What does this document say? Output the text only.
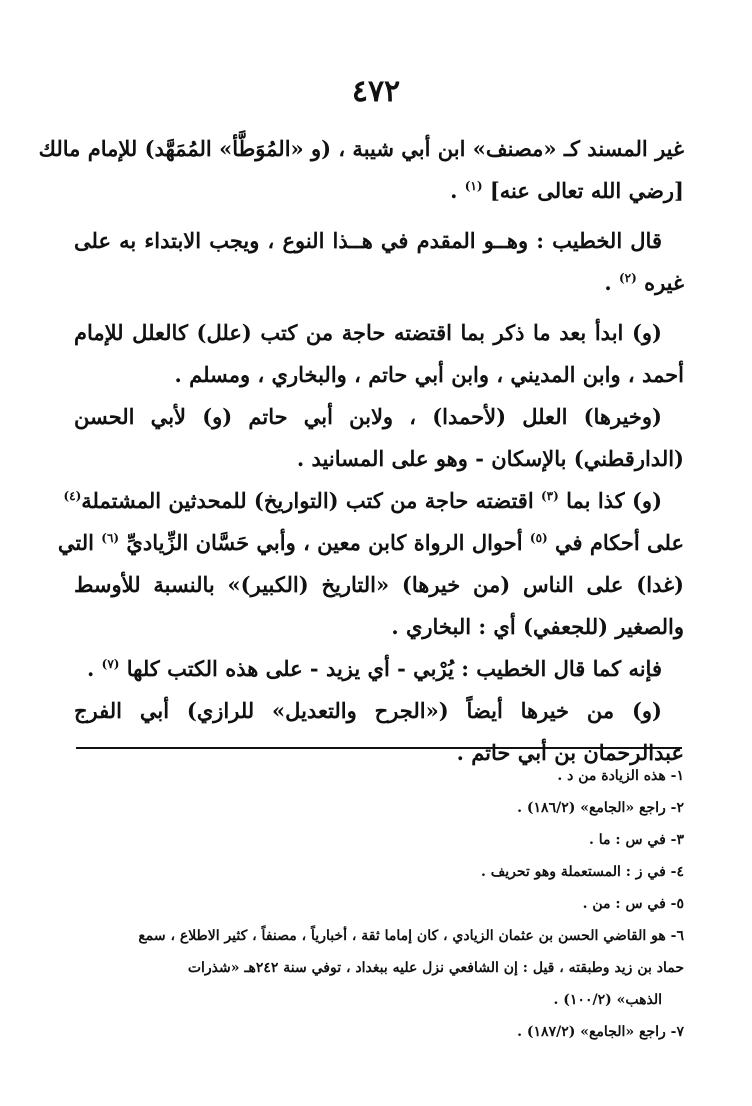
٤٧٢
غير المسند كـ «مصنف» ابن أبي شيبة ، (و «المُوَطَّأ» المُمَهَّد) للإمام مالك
[رضي الله تعالى عنه] $^{(١)}$ .
قال الخطيب : وهــو المقدم في هــذا النوع ، ويجب الابتداء به على
غيره $^{(٢)}$ .
(و) ابدأ بعد ما ذكر بما اقتضته حاجة من كتب (علل) كالعلل للإمام
أحمد ، وابن المديني ، وابن أبي حاتم ، والبخاري ، ومسلم .
(وخيرها) العلل (لأحمدا) ، ولابن أبي حاتم (و) لأبي الحسن
(الدارقطني) بالإسكان - وهو على المسانيد .
(و) كذا بما $^{(٣)}$ اقتضته حاجة من كتب (التواريخ) للمحدثين المشتملة$^{(٤)}$
على أحكام في $^{(٥)}$ أحوال الرواة كابن معين ، وأبي حَسَّان الزِّياديِّ $^{(٦)}$ التي
(غدا) على الناس (من خيرها) «التاريخ (الكبير)» بالنسبة للأوسط
والصغير (للجعفي) أي : البخاري .
فإنه كما قال الخطيب : يُرْبي - أي يزيد - على هذه الكتب كلها $^{(٧)}$ .
(و) من خيرها أيضاً («الجرح والتعديل» للرازي) أبي الفرج
عبدالرحمان بن أبي حاتم .
١- هذه الزيادة من د .
٢- راجع «الجامع» (١٨٦/٢) .
٣- في س : ما .
٤- في ز : المستعملة وهو تحريف .
٥- في س : من .
٦- هو القاضي الحسن بن عثمان الزيادي ، كان إماما ثقة ، أخبارياً ، مصنفاً ، كثير الاطلاع ، سمع
حماد بن زيد وطبقته ، قيل : إن الشافعي نزل عليه ببغداد ، توفي سنة ٢٤٢هـ «شذرات
الذهب» (١٠٠/٢) .
٧- راجع «الجامع» (١٨٧/٢) .
